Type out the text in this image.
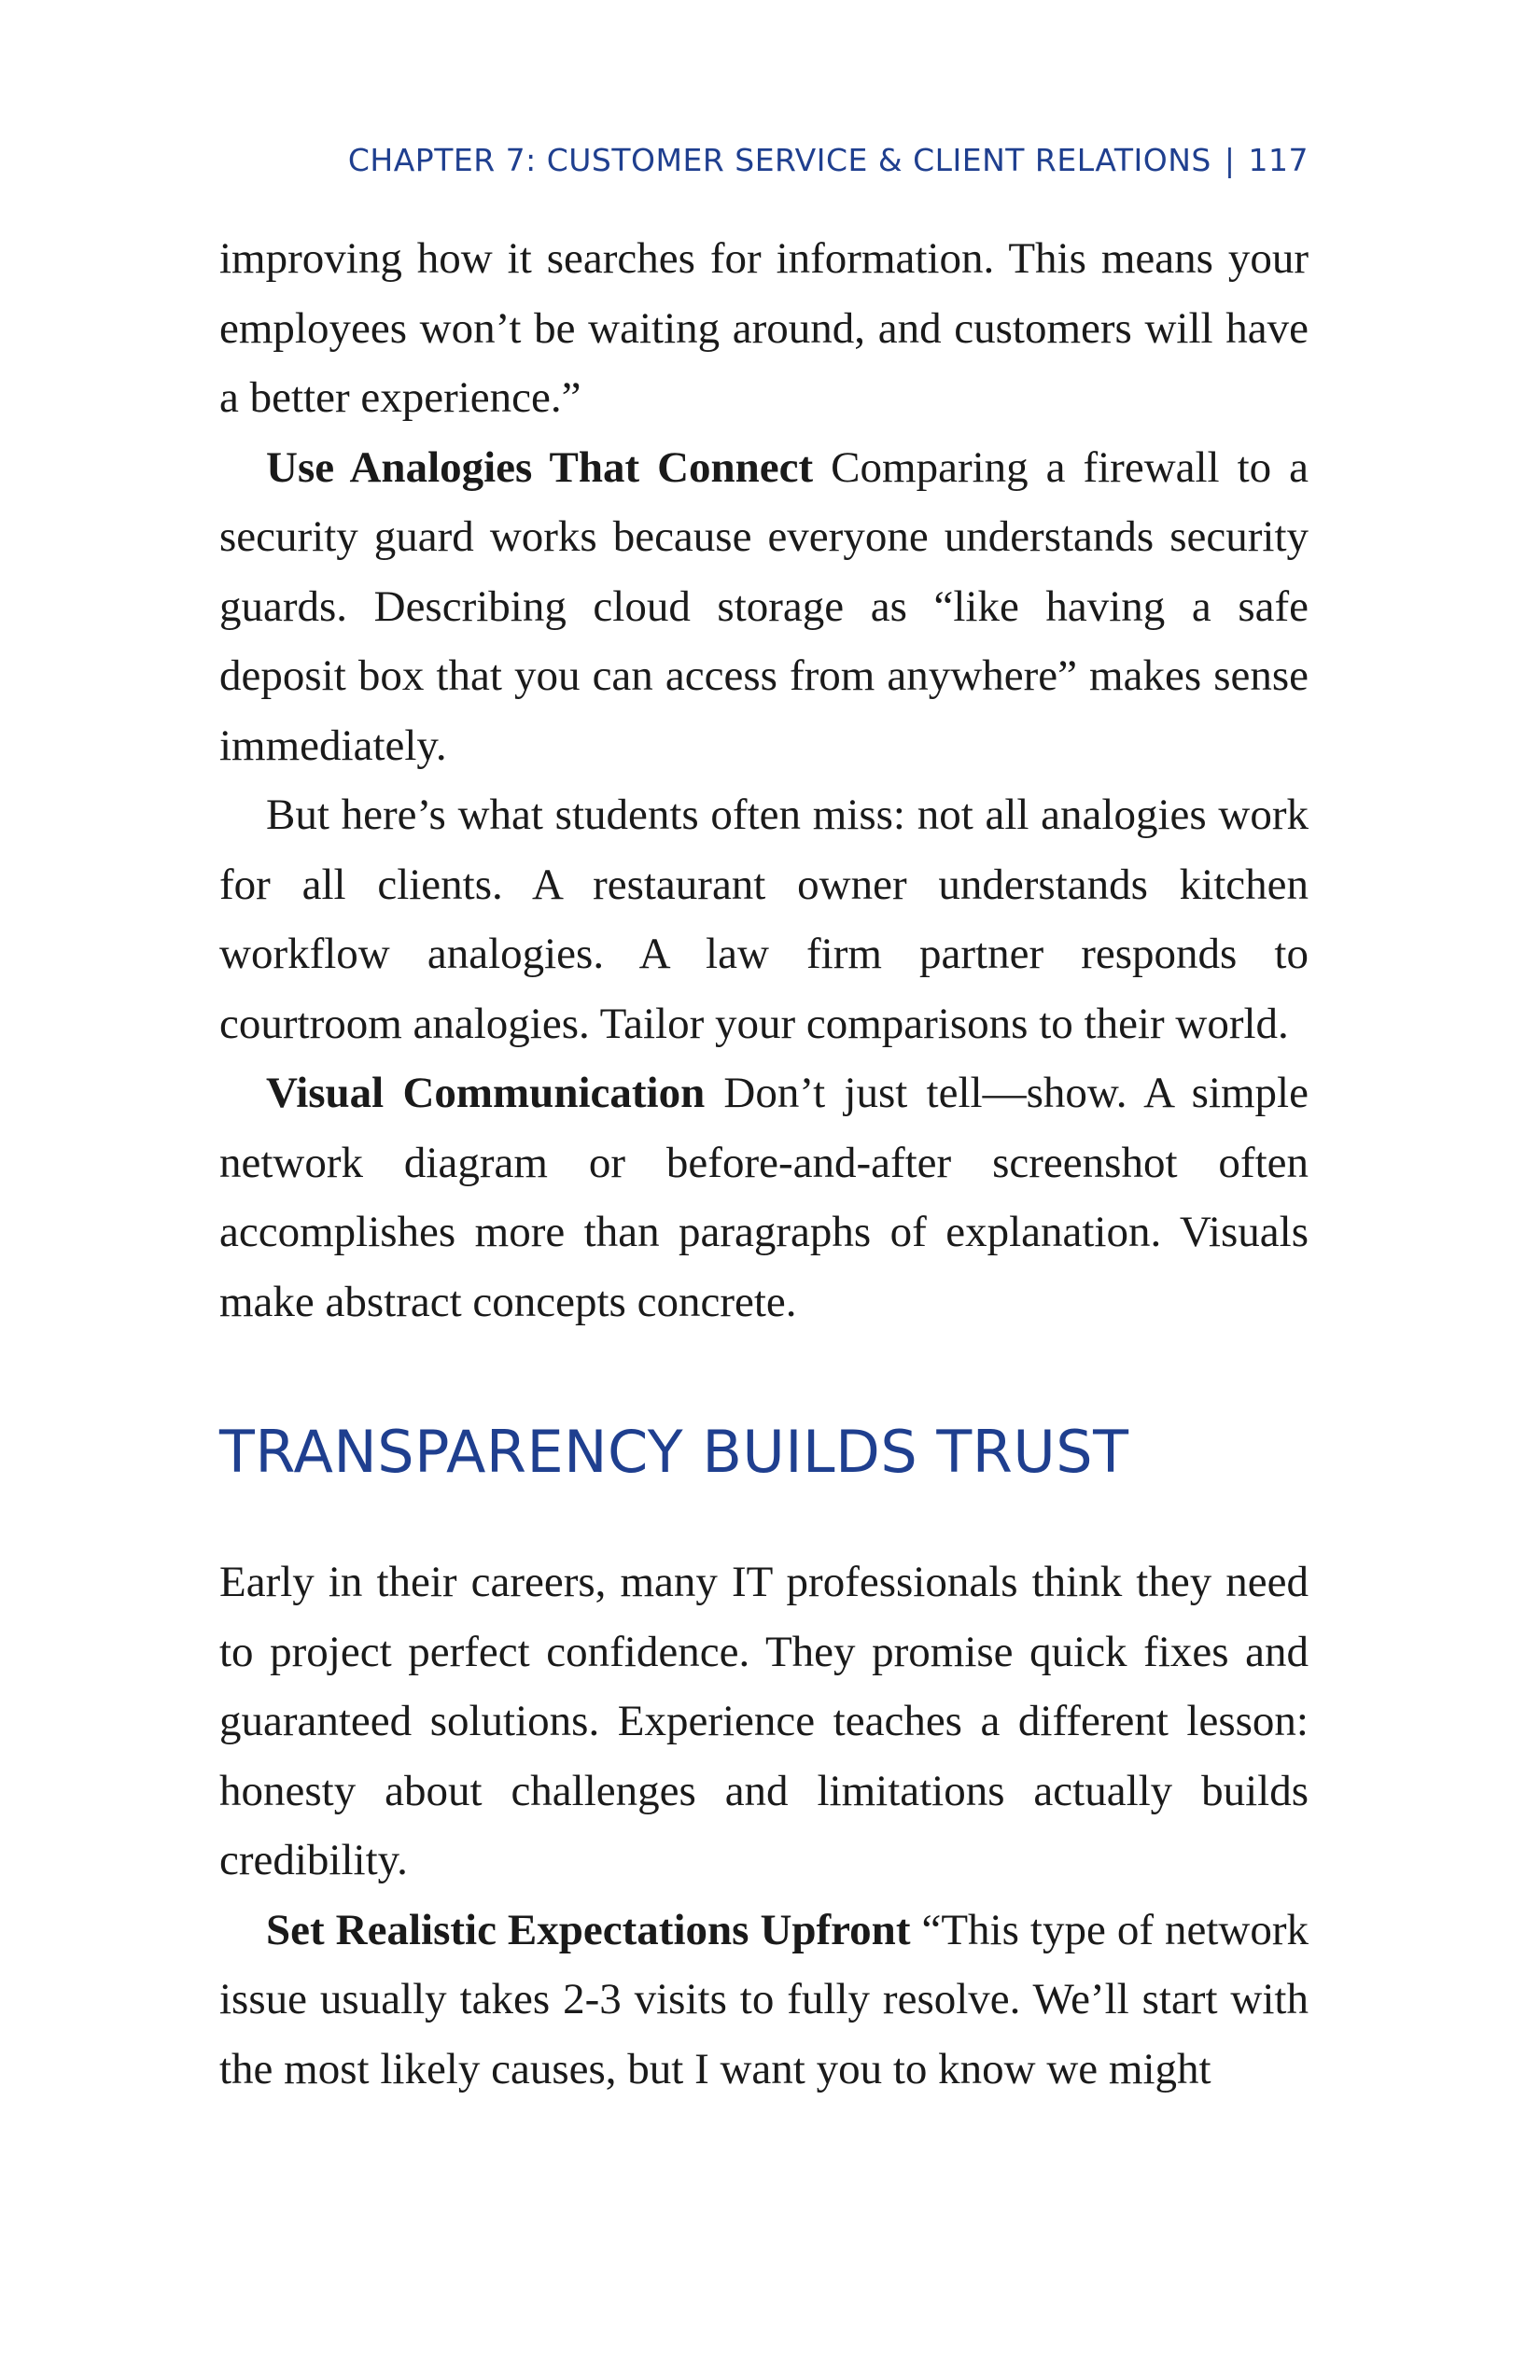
CHAPTER 7: CUSTOMER SERVICE & CLIENT RELATIONS | 117

improving how it searches for information. This means your employees won’t be waiting around, and customers will have a better experience.”

Use Analogies That Connect Comparing a firewall to a security guard works because everyone understands security guards. Describing cloud storage as “like having a safe deposit box that you can access from anywhere” makes sense immediately.

But here’s what students often miss: not all analogies work for all clients. A restaurant owner understands kitchen workflow analogies. A law firm partner responds to courtroom analogies. Tailor your comparisons to their world.

Visual Communication Don’t just tell—show. A simple network diagram or before-and-after screenshot often accomplishes more than paragraphs of explanation. Visuals make abstract concepts concrete.

TRANSPARENCY BUILDS TRUST

Early in their careers, many IT professionals think they need to project perfect confidence. They promise quick fixes and guaranteed solutions. Experience teaches a different lesson: honesty about challenges and limitations actually builds credibility.

Set Realistic Expectations Upfront “This type of network issue usually takes 2-3 visits to fully resolve. We’ll start with the most likely causes, but I want you to know we might
